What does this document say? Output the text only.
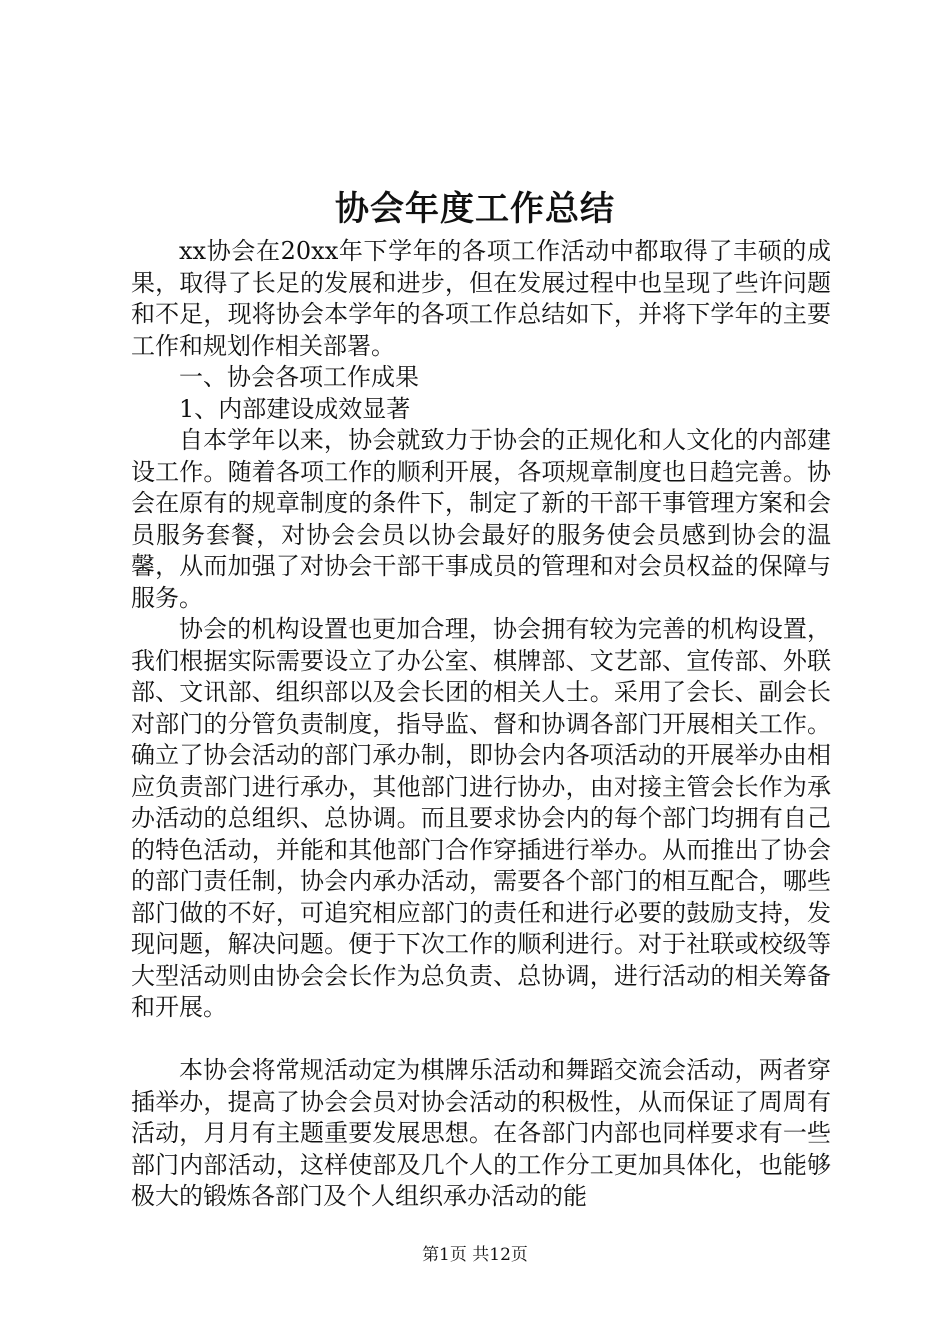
协会年度工作总结

xx协会在20xx年下学年的各项工作活动中都取得了丰硕的成果，取得了长足的发展和进步，但在发展过程中也呈现了些许问题和不足，现将协会本学年的各项工作总结如下，并将下学年的主要工作和规划作相关部署。

一、协会各项工作成果

1、内部建设成效显著

自本学年以来，协会就致力于协会的正规化和人文化的内部建设工作。随着各项工作的顺利开展，各项规章制度也日趋完善。协会在原有的规章制度的条件下，制定了新的干部干事管理方案和会员服务套餐，对协会会员以协会最好的服务使会员感到协会的温馨，从而加强了对协会干部干事成员的管理和对会员权益的保障与服务。

协会的机构设置也更加合理，协会拥有较为完善的机构设置，我们根据实际需要设立了办公室、棋牌部、文艺部、宣传部、外联部、文讯部、组织部以及会长团的相关人士。采用了会长、副会长对部门的分管负责制度，指导监、督和协调各部门开展相关工作。确立了协会活动的部门承办制，即协会内各项活动的开展举办由相应负责部门进行承办，其他部门进行协办，由对接主管会长作为承办活动的总组织、总协调。而且要求协会内的每个部门均拥有自己的特色活动，并能和其他部门合作穿插进行举办。从而推出了协会的部门责任制，协会内承办活动，需要各个部门的相互配合，哪些部门做的不好，可追究相应部门的责任和进行必要的鼓励支持，发现问题，解决问题。便于下次工作的顺利进行。对于社联或校级等大型活动则由协会会长作为总负责、总协调，进行活动的相关筹备和开展。

本协会将常规活动定为棋牌乐活动和舞蹈交流会活动，两者穿插举办，提高了协会会员对协会活动的积极性，从而保证了周周有活动，月月有主题重要发展思想。在各部门内部也同样要求有一些部门内部活动，这样使部及几个人的工作分工更加具体化，也能够极大的锻炼各部门及个人组织承办活动的能

第1页 共12页
